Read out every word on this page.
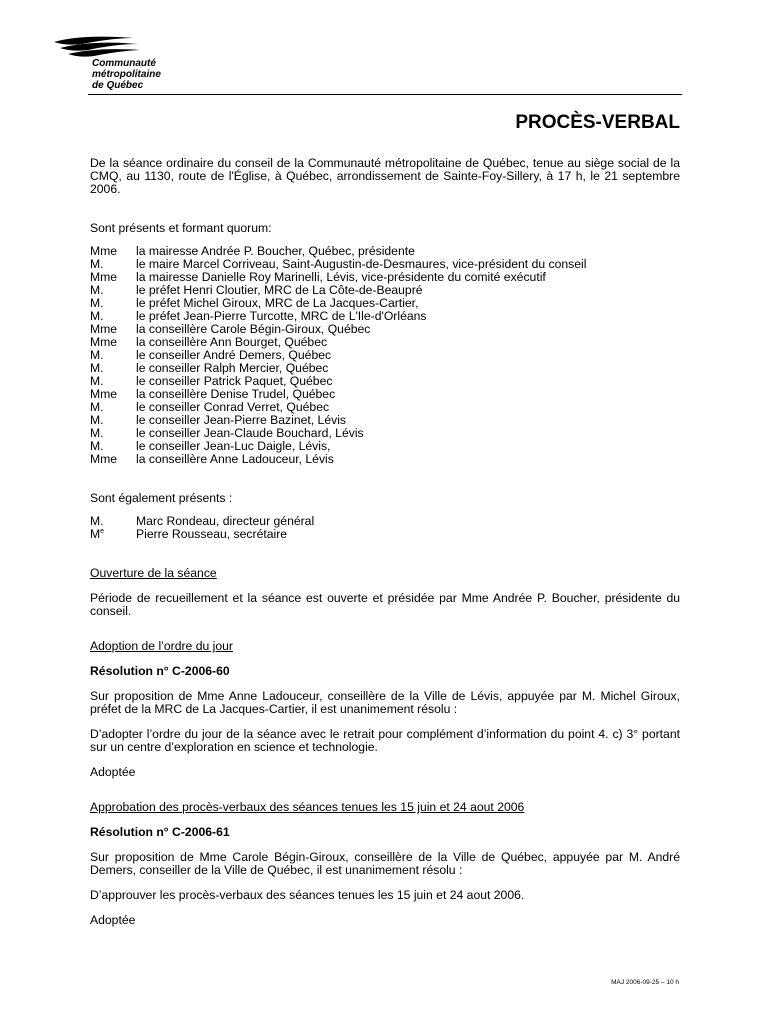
Communauté
métropolitaine
de Québec
PROCÈS-VERBAL

De la séance ordinaire du conseil de la Communauté métropolitaine de Québec, tenue au siège social de la CMQ, au 1130, route de l'Église, à Québec, arrondissement de Sainte-Foy-Sillery, à 17 h, le 21 septembre 2006.

Sont présents et formant quorum:

Mme	la mairesse Andrée P. Boucher, Québec, présidente
M.	le maire Marcel Corriveau, Saint-Augustin-de-Desmaures, vice-président du conseil
Mme	la mairesse Danielle Roy Marinelli, Lévis, vice-présidente du comité exécutif
M.	le préfet Henri Cloutier, MRC de La Côte-de-Beaupré
M.	le préfet Michel Giroux, MRC de La Jacques-Cartier,
M.	le préfet Jean-Pierre Turcotte, MRC de L'Ile-d'Orléans
Mme	la conseillère Carole Bégin-Giroux, Québec
Mme	la conseillère Ann Bourget, Québec
M.	le conseiller André Demers, Québec
M.	le conseiller Ralph Mercier, Québec
M.	le conseiller Patrick Paquet, Québec
Mme	la conseillère Denise Trudel, Québec
M.	le conseiller Conrad Verret, Québec
M.	le conseiller Jean-Pierre Bazinet, Lévis
M.	le conseiller Jean-Claude Bouchard, Lévis
M.	le conseiller Jean-Luc Daigle, Lévis,
Mme	la conseillère Anne Ladouceur, Lévis

Sont également présents :

M.	Marc Rondeau, directeur général
Me	Pierre Rousseau, secrétaire

Ouverture de la séance

Période de recueillement et la séance est ouverte et présidée par Mme Andrée P. Boucher, présidente du conseil.

Adoption de l’ordre du jour

Résolution n° C-2006-60

Sur proposition de Mme Anne Ladouceur, conseillère de la Ville de Lévis, appuyée par M. Michel Giroux, préfet de la MRC de La Jacques-Cartier, il est unanimement résolu :

D’adopter l’ordre du jour de la séance avec le retrait pour complément d’information du point 4. c) 3° portant sur un centre d’exploration en science et technologie.

Adoptée

Approbation des procès-verbaux des séances tenues les 15 juin et 24 aout 2006

Résolution n° C-2006-61

Sur proposition de Mme Carole Bégin-Giroux, conseillère de la Ville de Québec, appuyée par M. André Demers, conseiller de la Ville de Québec, il est unanimement résolu :

D’approuver les procès-verbaux des séances tenues les 15 juin et 24 aout 2006.

Adoptée

MAJ 2006-09-25 – 10 h
